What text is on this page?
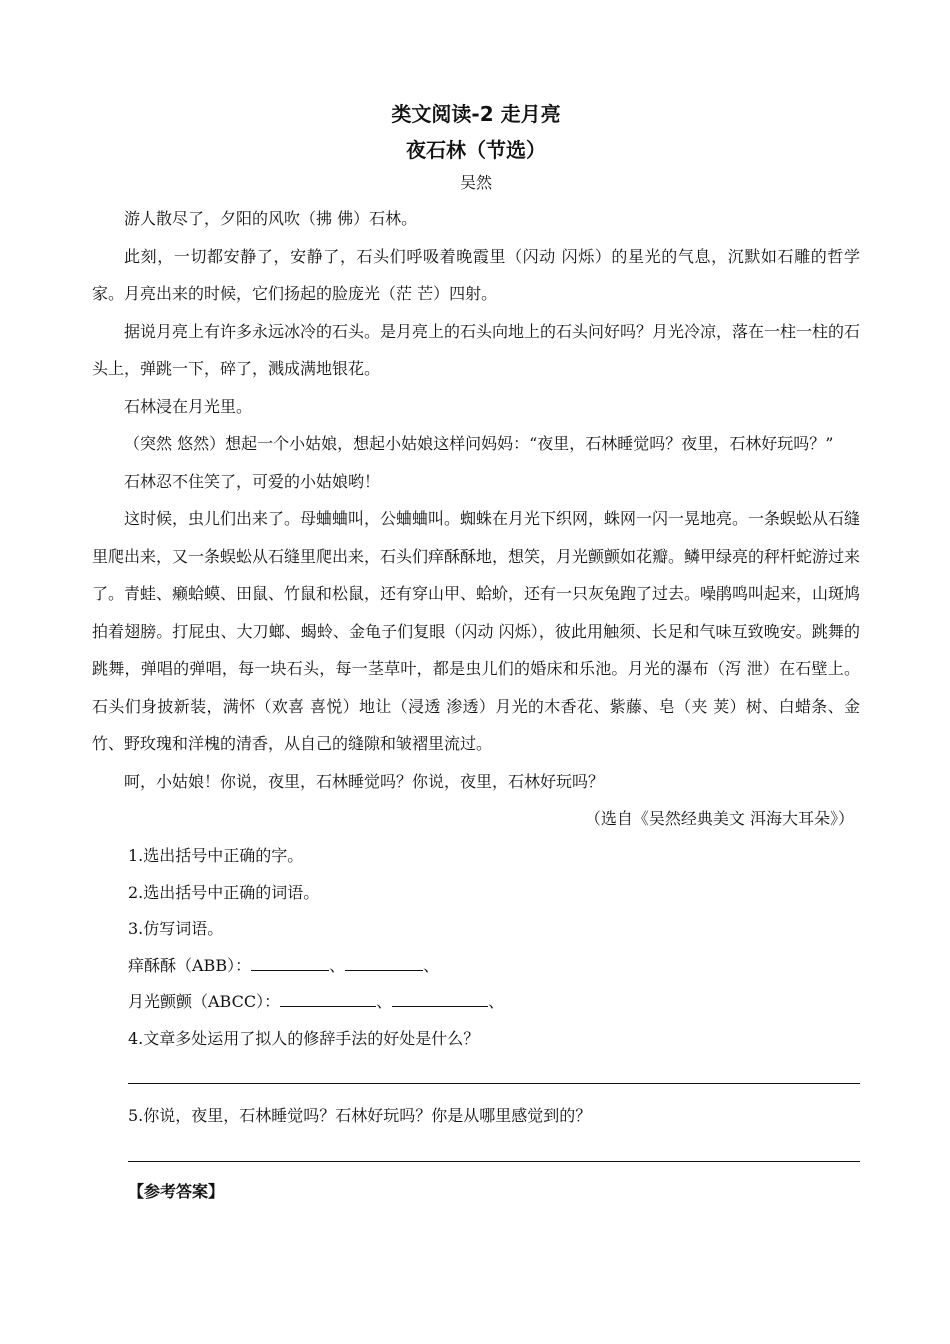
类文阅读-2 走月亮
夜石林（节选）
吴然

游人散尽了，夕阳的风吹（拂 佛）石林。

此刻，一切都安静了，安静了，石头们呼吸着晚霞里（闪动 闪烁）的星光的气息，沉默如石雕的哲学家。月亮出来的时候，它们扬起的脸庞光（茫 芒）四射。

据说月亮上有许多永远冰冷的石头。是月亮上的石头向地上的石头问好吗？月光冷凉，落在一柱一柱的石头上，弹跳一下，碎了，溅成满地银花。

石林浸在月光里。

（突然 悠然）想起一个小姑娘，想起小姑娘这样问妈妈：“夜里，石林睡觉吗？夜里，石林好玩吗？”

石林忍不住笑了，可爱的小姑娘哟！

这时候，虫儿们出来了。母蛐蛐叫，公蛐蛐叫。蜘蛛在月光下织网，蛛网一闪一晃地亮。一条蜈蚣从石缝里爬出来，又一条蜈蚣从石缝里爬出来，石头们痒酥酥地，想笑，月光颤颤如花瓣。鳞甲绿亮的秤杆蛇游过来了。青蛙、癞蛤蟆、田鼠、竹鼠和松鼠，还有穿山甲、蛤蚧，还有一只灰兔跑了过去。噪鹃鸣叫起来，山斑鸠拍着翅膀。打屁虫、大刀螂、蝎蛉、金龟子们复眼（闪动 闪烁），彼此用触须、长足和气味互致晚安。跳舞的跳舞，弹唱的弹唱，每一块石头，每一茎草叶，都是虫儿们的婚床和乐池。月光的瀑布（泻 泄）在石壁上。石头们身披新装，满怀（欢喜 喜悦）地让（浸透 渗透）月光的木香花、紫藤、皂（夹 荚）树、白蜡条、金竹、野玫瑰和洋槐的清香，从自己的缝隙和皱褶里流过。

呵，小姑娘！你说，夜里，石林睡觉吗？你说，夜里，石林好玩吗？

（选自《吴然经典美文 洱海大耳朵》）

1.选出括号中正确的字。

2.选出括号中正确的词语。

3.仿写词语。

痒酥酥（ABB）：	、	、

月光颤颤（ABCC）：	、	、

4.文章多处运用了拟人的修辞手法的好处是什么？

5.你说，夜里，石林睡觉吗？石林好玩吗？你是从哪里感觉到的？

【参考答案】
